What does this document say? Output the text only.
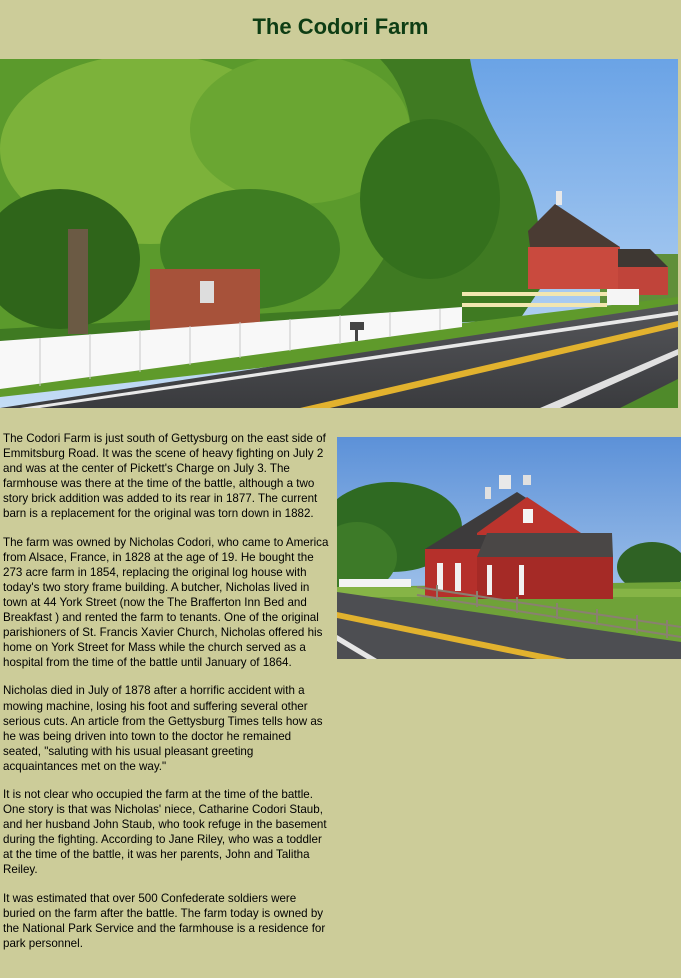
The Codori Farm

The Codori Farm is just south of Gettysburg on the east side of Emmitsburg Road. It was the scene of heavy fighting on July 2 and was at the center of Pickett's Charge on July 3. The farmhouse was there at the time of the battle, although a two story brick addition was added to its rear in 1877. The current barn is a replacement for the original was torn down in 1882.

The farm was owned by Nicholas Codori, who came to America from Alsace, France, in 1828 at the age of 19. He bought the 273 acre farm in 1854, replacing the original log house with today's two story frame building. A butcher, Nicholas lived in town at 44 York Street (now the The Brafferton Inn Bed and Breakfast ) and rented the farm to tenants. One of the original parishioners of St. Francis Xavier Church, Nicholas offered his home on York Street for Mass while the church served as a hospital from the time of the battle until January of 1864.

Nicholas died in July of 1878 after a horrific accident with a mowing machine, losing his foot and suffering several other serious cuts. An article from the Gettysburg Times tells how as he was being driven into town to the doctor he remained seated, "saluting with his usual pleasant greeting acquaintances met on the way."

It is not clear who occupied the farm at the time of the battle. One story is that was Nicholas' niece, Catharine Codori Staub, and her husband John Staub, who took refuge in the basement during the fighting. According to Jane Riley, who was a toddler at the time of the battle, it was her parents, John and Talitha Reiley.

It was estimated that over 500 Confederate soldiers were buried on the farm after the battle. The farm today is owned by the National Park Service and the farmhouse is a residence for park personnel.
